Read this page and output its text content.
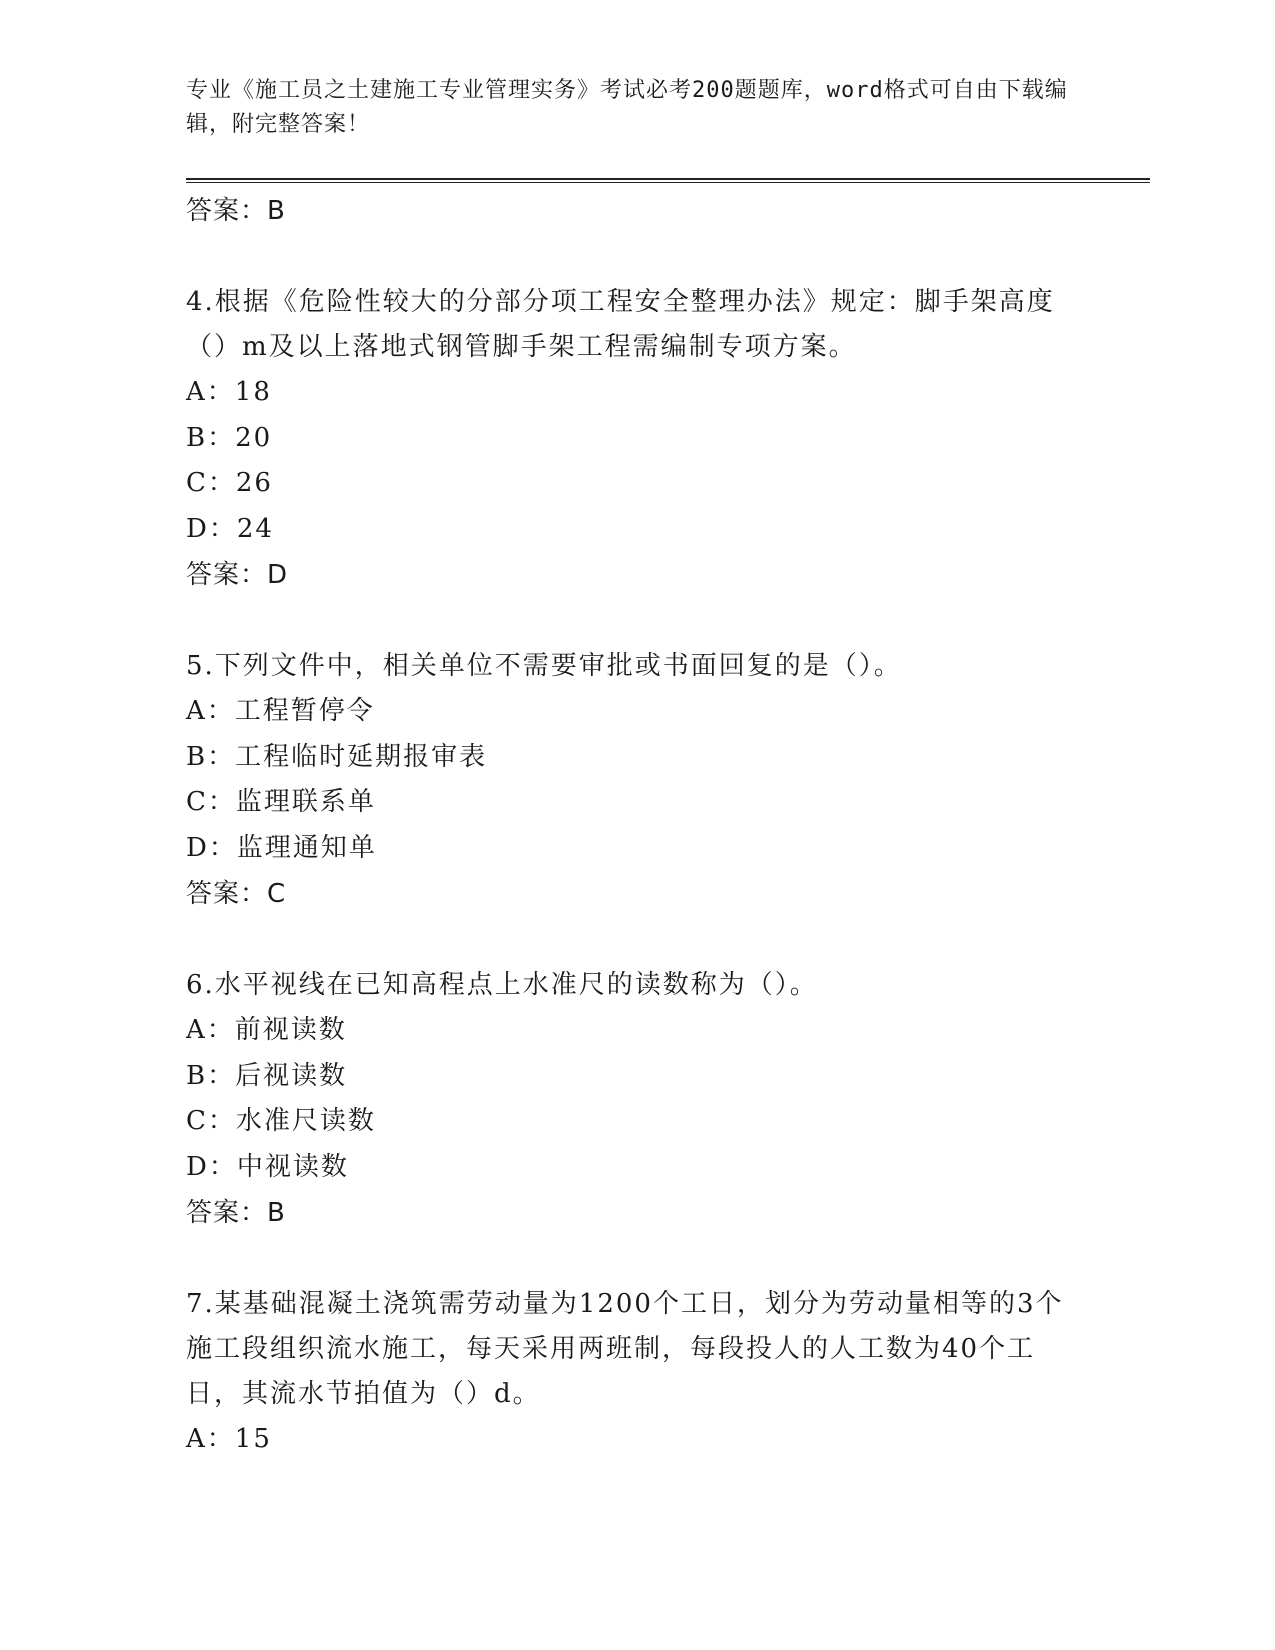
专业《施工员之土建施工专业管理实务》考试必考200题题库，word格式可自由下载编辑，附完整答案！
答案：B
4.根据《危险性较大的分部分项工程安全整理办法》规定：脚手架高度（）m及以上落地式钢管脚手架工程需编制专项方案。
A：18
B：20
C：26
D：24
答案：D
5.下列文件中，相关单位不需要审批或书面回复的是（）。
A：工程暂停令
B：工程临时延期报审表
C：监理联系单
D：监理通知单
答案：C
6.水平视线在已知高程点上水准尺的读数称为（）。
A：前视读数
B：后视读数
C：水准尺读数
D：中视读数
答案：B
7.某基础混凝土浇筑需劳动量为1200个工日，划分为劳动量相等的3个施工段组织流水施工，每天采用两班制，每段投人的人工数为40个工日，其流水节拍值为（）d。
A：15
